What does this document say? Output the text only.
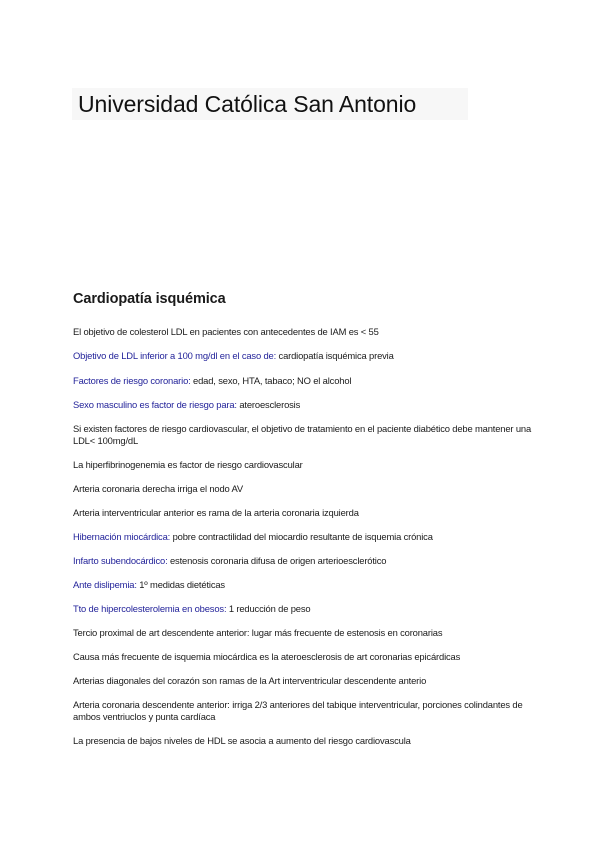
Universidad Católica San Antonio
Cardiopatía isquémica

El objetivo de colesterol LDL en pacientes con antecedentes de IAM es < 55

Objetivo de LDL inferior a 100 mg/dl en el caso de: cardiopatía isquémica previa

Factores de riesgo coronario: edad, sexo, HTA, tabaco; NO el alcohol

Sexo masculino es factor de riesgo para: ateroesclerosis

Si existen factores de riesgo cardiovascular, el objetivo de tratamiento en el paciente diabético debe mantener una LDL< 100mg/dL

La hiperfibrinogenemia es factor de riesgo cardiovascular

Arteria coronaria derecha irriga el nodo AV

Arteria interventricular anterior es rama de la arteria coronaria izquierda

Hibernación miocárdica: pobre contractilidad del miocardio resultante de isquemia crónica

Infarto subendocárdico: estenosis coronaria difusa de origen arterioesclerótico

Ante dislipemia: 1º medidas dietéticas

Tto de hipercolesterolemia en obesos: 1 reducción de peso

Tercio proximal de art descendente anterior: lugar más frecuente de estenosis en coronarias

Causa más frecuente de isquemia miocárdica es la ateroesclerosis de art coronarias epicárdicas

Arterias diagonales del corazón son ramas de la Art interventricular descendente anterio

Arteria coronaria descendente anterior: irriga 2/3 anteriores del tabique interventricular, porciones colindantes de ambos ventriuclos y punta cardíaca

La presencia de bajos niveles de HDL se asocia a aumento del riesgo cardiovascula
